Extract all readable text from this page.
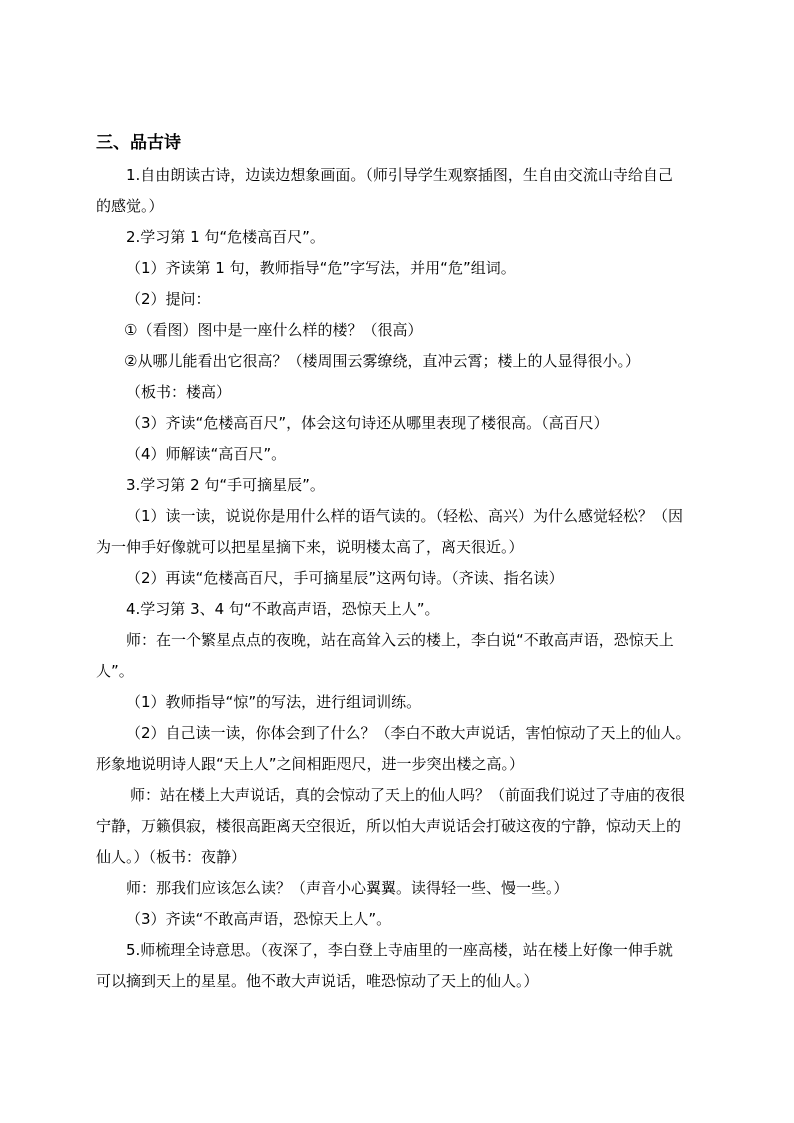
三、品古诗
1.自由朗读古诗，边读边想象画面。（师引导学生观察插图，生自由交流山寺给自己
的感觉。）
2.学习第 1 句“危楼高百尺”。
（1）齐读第 1 句，教师指导“危”字写法，并用“危”组词。
（2）提问：
①（看图）图中是一座什么样的楼？（很高）
②从哪儿能看出它很高？（楼周围云雾缭绕，直冲云霄；楼上的人显得很小。）
（板书：楼高）
（3）齐读“危楼高百尺”，体会这句诗还从哪里表现了楼很高。（高百尺）
（4）师解读“高百尺”。
3.学习第 2 句“手可摘星辰”。
（1）读一读，说说你是用什么样的语气读的。（轻松、高兴）为什么感觉轻松？（因
为一伸手好像就可以把星星摘下来，说明楼太高了，离天很近。）
（2）再读“危楼高百尺，手可摘星辰”这两句诗。（齐读、指名读）
4.学习第 3、4 句“不敢高声语，恐惊天上人”。
师：在一个繁星点点的夜晚，站在高耸入云的楼上，李白说“不敢高声语，恐惊天上
人”。
（1）教师指导“惊”的写法，进行组词训练。
（2）自己读一读，你体会到了什么？（李白不敢大声说话，害怕惊动了天上的仙人。
形象地说明诗人跟“天上人”之间相距咫尺，进一步突出楼之高。）
师：站在楼上大声说话，真的会惊动了天上的仙人吗？（前面我们说过了寺庙的夜很
宁静，万籁俱寂，楼很高距离天空很近，所以怕大声说话会打破这夜的宁静，惊动天上的
仙人。）（板书：夜静）
师：那我们应该怎么读？（声音小心翼翼。读得轻一些、慢一些。）
（3）齐读“不敢高声语，恐惊天上人”。
5.师梳理全诗意思。（夜深了，李白登上寺庙里的一座高楼，站在楼上好像一伸手就
可以摘到天上的星星。他不敢大声说话，唯恐惊动了天上的仙人。）
